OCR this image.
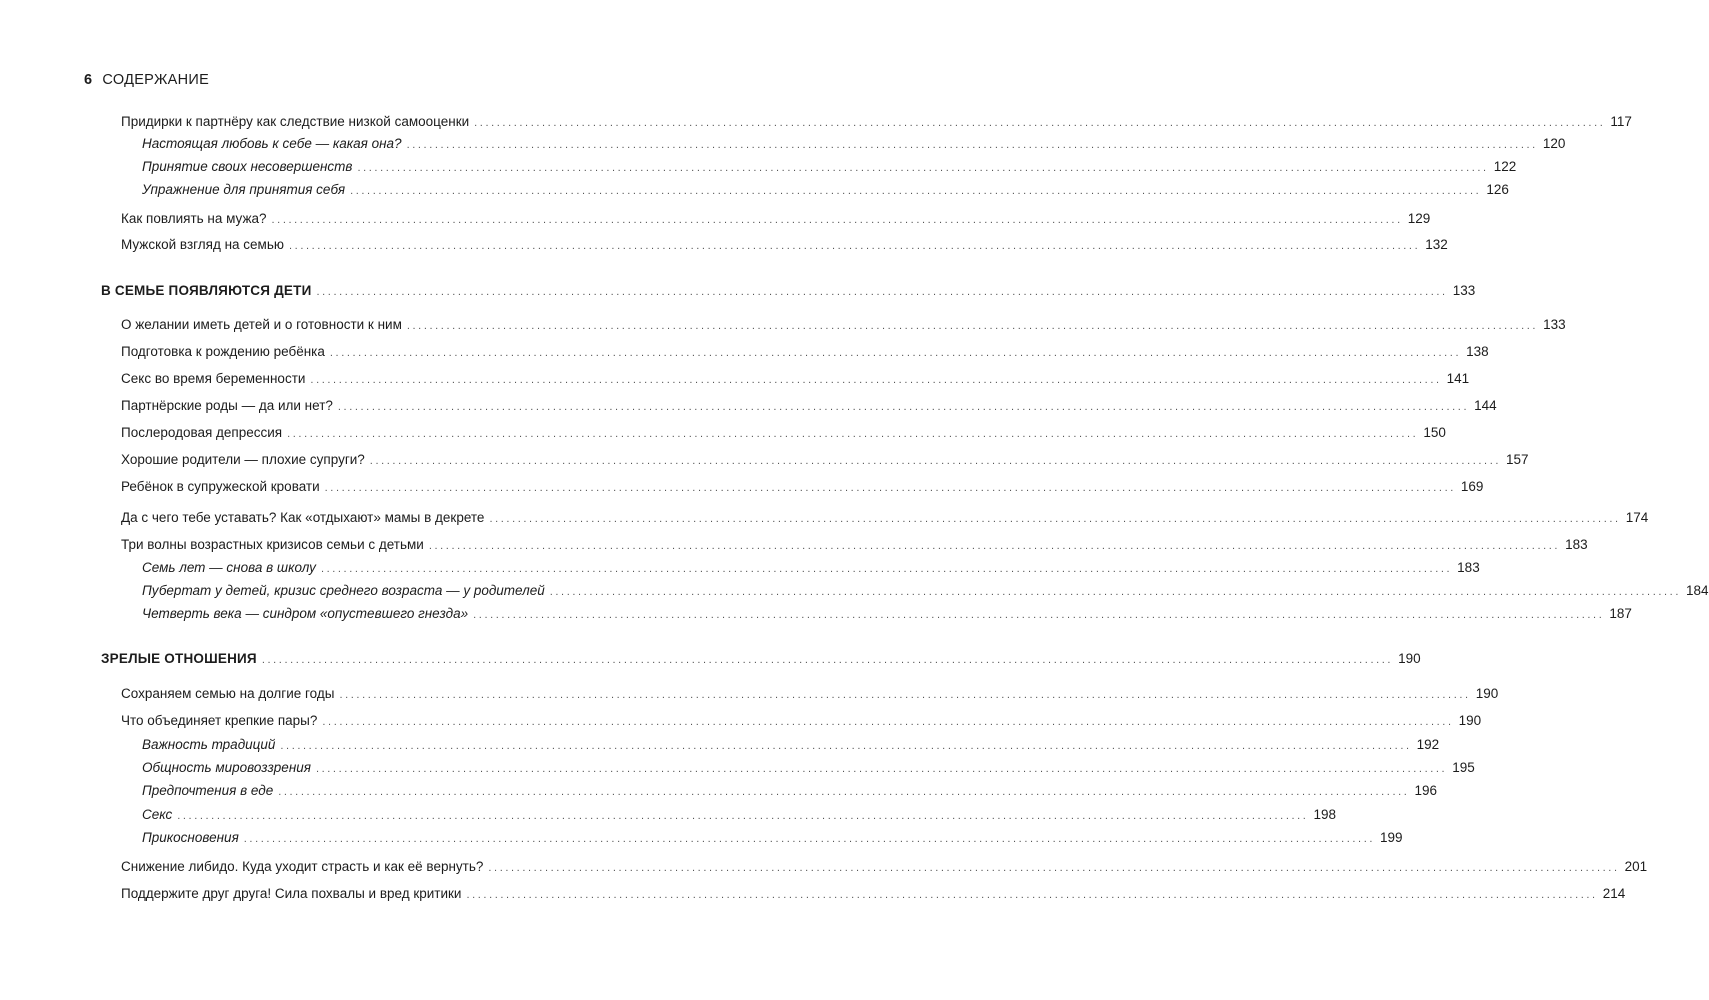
6 СОДЕРЖАНИЕ
Придирки к партнёру как следствие низкой самооценки ........................................................................................................................................................................................................ 117
Настоящая любовь к себе — какая она? ........................................................................................................................................................................................................ 120
Принятие своих несовершенств ........................................................................................................................................................................................................ 122
Упражнение для принятия себя ........................................................................................................................................................................................................ 126
Как повлиять на мужа? ........................................................................................................................................................................................................ 129
Мужской взгляд на семью ........................................................................................................................................................................................................ 132
В СЕМЬЕ ПОЯВЛЯЮТСЯ ДЕТИ ........................................................................................................................................................................................................ 133
О желании иметь детей и о готовности к ним ........................................................................................................................................................................................................ 133
Подготовка к рождению ребёнка ........................................................................................................................................................................................................ 138
Секс во время беременности ........................................................................................................................................................................................................ 141
Партнёрские роды — да или нет? ........................................................................................................................................................................................................ 144
Послеродовая депрессия ........................................................................................................................................................................................................ 150
Хорошие родители — плохие супруги? ........................................................................................................................................................................................................ 157
Ребёнок в супружеской кровати ........................................................................................................................................................................................................ 169
Да с чего тебе уставать? Как «отдыхают» мамы в декрете ........................................................................................................................................................................................................ 174
Три волны возрастных кризисов семьи с детьми ........................................................................................................................................................................................................ 183
Семь лет — снова в школу ........................................................................................................................................................................................................ 183
Пубертат у детей, кризис среднего возраста — у родителей ........................................................................................................................................................................................................ 184
Четверть века — синдром «опустевшего гнезда» ........................................................................................................................................................................................................ 187
ЗРЕЛЫЕ ОТНОШЕНИЯ ........................................................................................................................................................................................................ 190
Сохраняем семью на долгие годы ........................................................................................................................................................................................................ 190
Что объединяет крепкие пары? ........................................................................................................................................................................................................ 190
Важность традиций ........................................................................................................................................................................................................ 192
Общность мировоззрения ........................................................................................................................................................................................................ 195
Предпочтения в еде ........................................................................................................................................................................................................ 196
Секс ........................................................................................................................................................................................................ 198
Прикосновения ........................................................................................................................................................................................................ 199
Снижение либидо. Куда уходит страсть и как её вернуть? ........................................................................................................................................................................................................ 201
Поддержите друг друга! Сила похвалы и вред критики ........................................................................................................................................................................................................ 214
